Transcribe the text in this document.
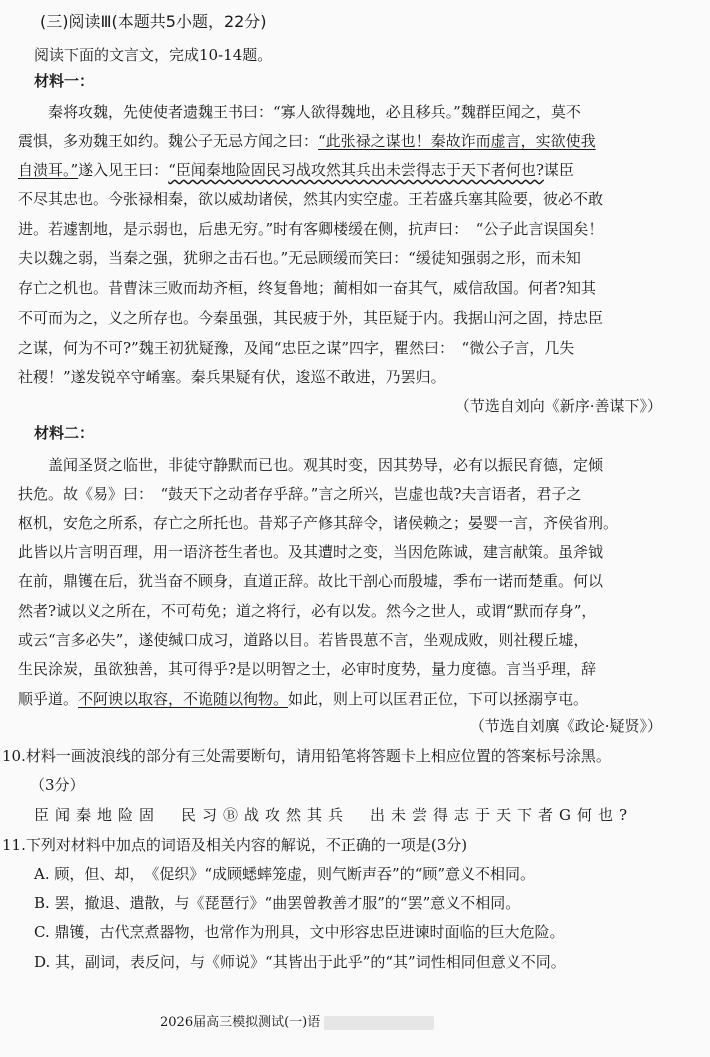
(三)阅读Ⅲ(本题共5小题，22分)
阅读下面的文言文，完成10-14题。
材料一：
秦将攻魏，先使使者遗魏王书曰：“寡人欲得魏地，必且移兵。”魏群臣闻之，莫不
震惧，多劝魏王如约。魏公子无忌方闻之曰：“此张禄之谋也！秦故诈而虚言，实欲使我
自溃耳。”遂入见王曰：“臣闻秦地险固民习战攻然其兵出未尝得志于天下者何也?谋臣
不尽其忠也。今张禄相秦，欲以威劫诸侯，然其内实空虚。王若盛兵塞其险要，彼必不敢
进。若遽割地，是示弱也，后患无穷。”时有客卿楼缓在侧，抗声曰：　“公子此言误国矣！
夫以魏之弱，当秦之强，犹卵之击石也。”无忌顾缓而笑曰：“缓徒知强弱之形，而未知
存亡之机也。昔曹沫三败而劫齐桓，终复鲁地；蔺相如一奋其气，威信敌国。何者?知其
不可而为之，义之所存也。今秦虽强，其民疲于外，其臣疑于内。我据山河之固，持忠臣
之谋，何为不可?”魏王初犹疑豫，及闻“忠臣之谋”四字，瞿然曰：　“微公子言，几失
社稷！”遂发锐卒守崤塞。秦兵果疑有伏，逡巡不敢进，乃罢归。
（节选自刘向《新序·善谋下》）
材料二：
盖闻圣贤之临世，非徒守静默而已也。观其时变，因其势导，必有以振民育德，定倾
扶危。故《易》曰：　“鼓天下之动者存乎辞。”言之所兴，岂虚也哉?夫言语者，君子之
枢机，安危之所系，存亡之所托也。昔郑子产修其辞令，诸侯赖之；晏婴一言，齐侯省刑。
此皆以片言明百理，用一语济苍生者也。及其遭时之变，当因危陈诚，建言献策。虽斧钺
在前，鼎镬在后，犹当奋不顾身，直道正辞。故比干剖心而殷墟，季布一诺而楚重。何以
然者?诚以义之所在，不可苟免；道之将行，必有以发。然今之世人，或谓“默而存身”，
或云“言多必失”，遂使缄口成习，道路以目。若皆畏葸不言，坐观成败，则社稷丘墟，
生民涂炭，虽欲独善，其可得乎?是以明智之士，必审时度势，量力度德。言当乎理，辞
顺乎道。不阿谀以取容，不诡随以徇物。如此，则上可以匡君正位，下可以拯溺亨屯。
（节选自刘廙《政论·疑贤》）
10.材料一画波浪线的部分有三处需要断句，请用铅笔将答题卡上相应位置的答案标号涂黑。
（3分）
臣闻秦地险固　民习Ⓑ战攻然其兵　出未尝得志于天下者G何也?
11.下列对材料中加点的词语及相关内容的解说，不正确的一项是(3分)
A. 顾，但、却，　《促织》“成顾蟋蟀笼虚，则气断声吞”的“顾”意义不相同。
B. 罢，撤退、遣散，与《琵琶行》“曲罢曾教善才服”的“罢”意义不相同。
C. 鼎镬，古代烹煮器物，也常作为刑具，文中形容忠臣进谏时面临的巨大危险。
D. 其，副词，表反问，与《师说》“其皆出于此乎”的“其”词性相同但意义不同。
2026届高三模拟测试(一)语
